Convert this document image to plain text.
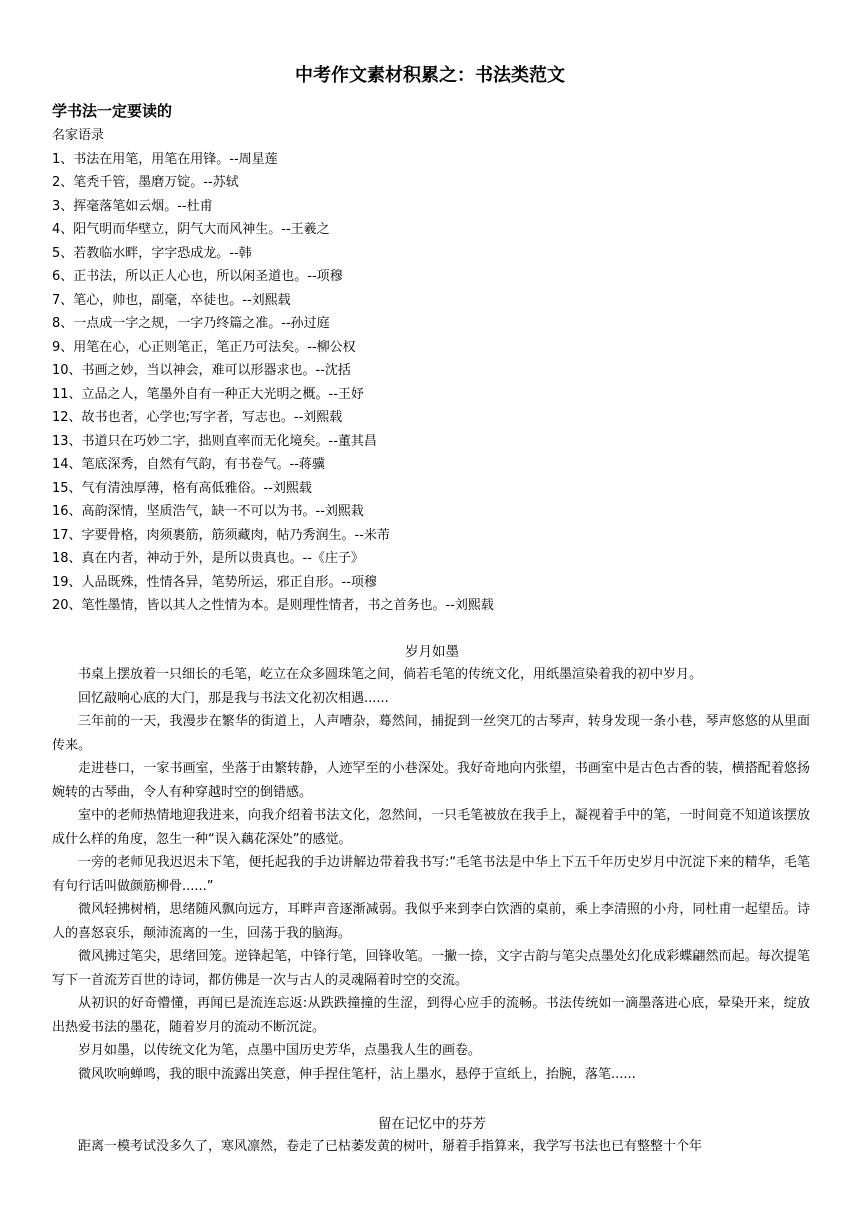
中考作文素材积累之：书法类范文
学书法一定要读的
名家语录
1、书法在用笔，用笔在用锋。--周星莲
2、笔秃千管，墨磨万锭。--苏轼
3、挥毫落笔如云烟。--杜甫
4、阳气明而华壁立，阴气大而风神生。--王羲之
5、若教临水畔，字字恐成龙。--韩
6、正书法，所以正人心也，所以闲圣道也。--项穆
7、笔心，帅也，副毫，卒徒也。--刘熙载
8、一点成一字之规，一字乃终篇之准。--孙过庭
9、用笔在心，心正则笔正，笔正乃可法矣。--柳公权
10、书画之妙，当以神会，难可以形器求也。--沈括
11、立品之人，笔墨外自有一种正大光明之概。--王妤
12、故书也者，心学也;写字者，写志也。--刘熙载
13、书道只在巧妙二字，拙则直率而无化境矣。--董其昌
14、笔底深秀，自然有气韵，有书卷气。--蒋骥
15、气有清浊厚薄，格有高低雅俗。--刘熙载
16、高韵深情，坚质浩气，缺一不可以为书。--刘熙栽
17、字要骨格，肉须裹筋，筋须藏肉，帖乃秀润生。--米芾
18、真在内者，神动于外，是所以贵真也。--《庄子》
19、人品既殊，性情各异，笔势所运，邪正自形。--项穆
20、笔性墨情，皆以其人之性情为本。是则理性情者，书之首务也。--刘熙载
岁月如墨

书桌上摆放着一只细长的毛笔，屹立在众多圆珠笔之间，倘若毛笔的传统文化，用纸墨渲染着我的初中岁月。

回忆敲响心底的大门，那是我与书法文化初次相遇......

三年前的一天，我漫步在繁华的街道上，人声嘈杂，蓦然间，捕捉到一丝突兀的古琴声，转身发现一条小巷，琴声悠悠的从里面传来。

走进巷口，一家书画室，坐落于由繁转静，人迹罕至的小巷深处。我好奇地向内张望，书画室中是古色古香的装，横搭配着悠扬婉转的古琴曲，令人有种穿越时空的倒错感。

室中的老师热情地迎我进来，向我介绍着书法文化，忽然间，一只毛笔被放在我手上，凝视着手中的笔，一时间竟不知道该摆放成什么样的角度，忽生一种“误入藕花深处”的感觉。

一旁的老师见我迟迟未下笔，便托起我的手边讲解边带着我书写:“毛笔书法是中华上下五千年历史岁月中沉淀下来的精华，毛笔有句行话叫做颜筋柳骨......”

微风轻拂树梢，思绪随风飘向远方，耳畔声音逐渐减弱。我似乎来到李白饮酒的桌前，乘上李清照的小舟，同杜甫一起望岳。诗人的喜怒哀乐，颠沛流离的一生，回荡于我的脑海。

微风拂过笔尖，思绪回笼。逆锋起笔，中锋行笔，回锋收笔。一撇一捺，文字古韵与笔尖点墨处幻化成彩蝶翩然而起。每次提笔写下一首流芳百世的诗词，都仿佛是一次与古人的灵魂隔着时空的交流。

从初识的好奇懵懂，再闻已是流连忘返:从跌跌撞撞的生涩，到得心应手的流畅。书法传统如一滴墨落进心底，晕染开来，绽放出热爱书法的墨花，随着岁月的流动不断沉淀。

岁月如墨，以传统文化为笔，点墨中国历史芳华，点墨我人生的画卷。

微风吹响蝉鸣，我的眼中流露出笑意，伸手捏住笔杆，沾上墨水，悬停于宣纸上，抬腕，落笔......

留在记忆中的芬芳

距离一模考试没多久了，寒风凛然，卷走了已枯萎发黄的树叶，掰着手指算来，我学写书法也已有整整十个年
